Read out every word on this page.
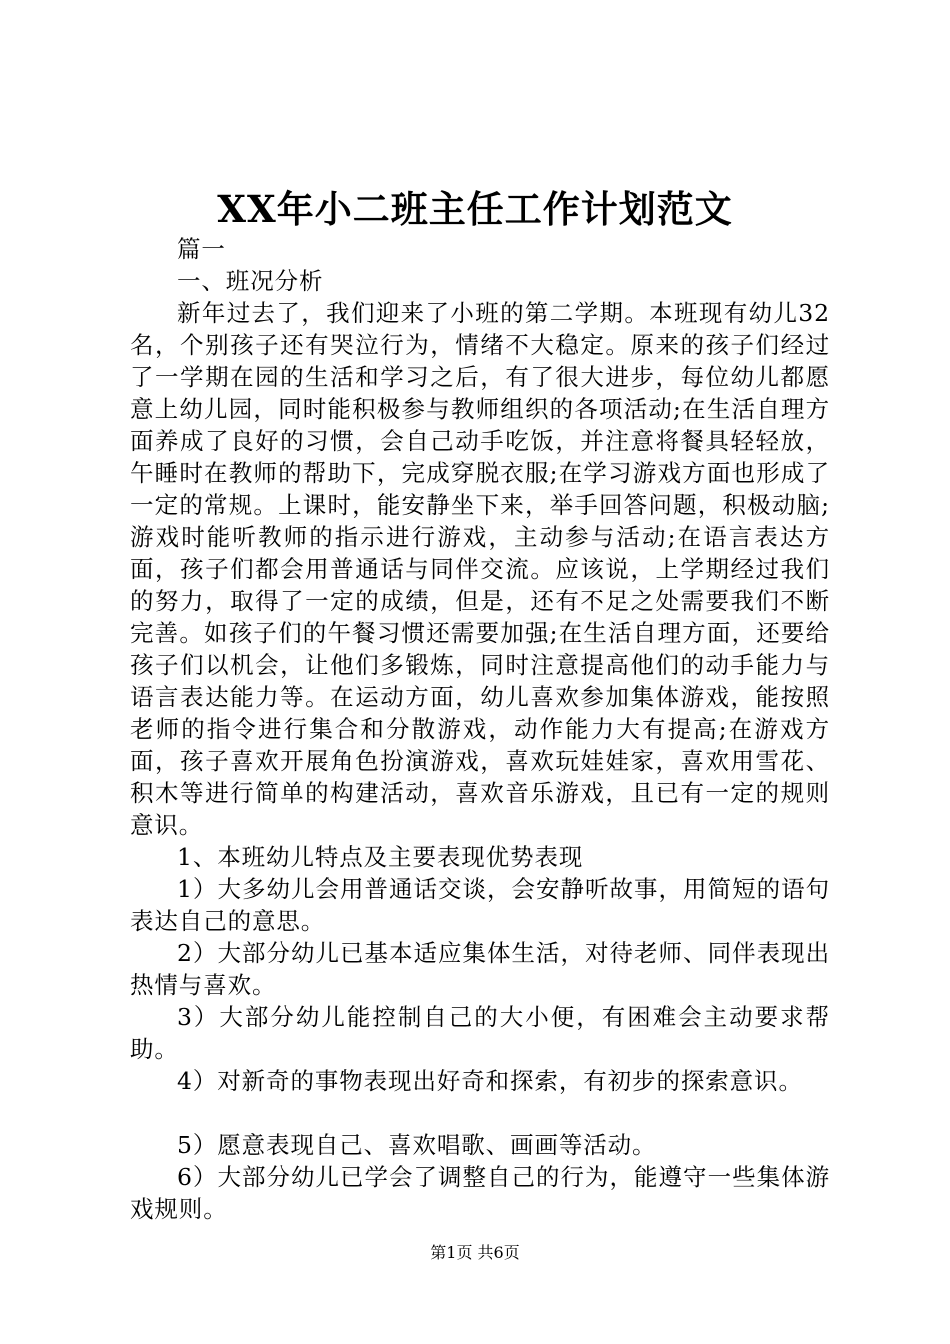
XX年小二班主任工作计划范文

篇一

一、班况分析

新年过去了，我们迎来了小班的第二学期。本班现有幼儿32名，个别孩子还有哭泣行为，情绪不大稳定。原来的孩子们经过了一学期在园的生活和学习之后，有了很大进步，每位幼儿都愿意上幼儿园，同时能积极参与教师组织的各项活动;在生活自理方面养成了良好的习惯，会自己动手吃饭，并注意将餐具轻轻放，午睡时在教师的帮助下，完成穿脱衣服;在学习游戏方面也形成了一定的常规。上课时，能安静坐下来，举手回答问题，积极动脑;游戏时能听教师的指示进行游戏，主动参与活动;在语言表达方面，孩子们都会用普通话与同伴交流。应该说，上学期经过我们的努力，取得了一定的成绩，但是，还有不足之处需要我们不断完善。如孩子们的午餐习惯还需要加强;在生活自理方面，还要给孩子们以机会，让他们多锻炼，同时注意提高他们的动手能力与语言表达能力等。在运动方面，幼儿喜欢参加集体游戏，能按照老师的指令进行集合和分散游戏，动作能力大有提高;在游戏方面，孩子喜欢开展角色扮演游戏，喜欢玩娃娃家，喜欢用雪花、积木等进行简单的构建活动，喜欢音乐游戏，且已有一定的规则意识。

1、本班幼儿特点及主要表现优势表现

1）大多幼儿会用普通话交谈，会安静听故事，用简短的语句表达自己的意思。

2）大部分幼儿已基本适应集体生活，对待老师、同伴表现出热情与喜欢。

3）大部分幼儿能控制自己的大小便，有困难会主动要求帮助。

4）对新奇的事物表现出好奇和探索，有初步的探索意识。

5）愿意表现自己、喜欢唱歌、画画等活动。

6）大部分幼儿已学会了调整自己的行为，能遵守一些集体游戏规则。

第1页 共6页
